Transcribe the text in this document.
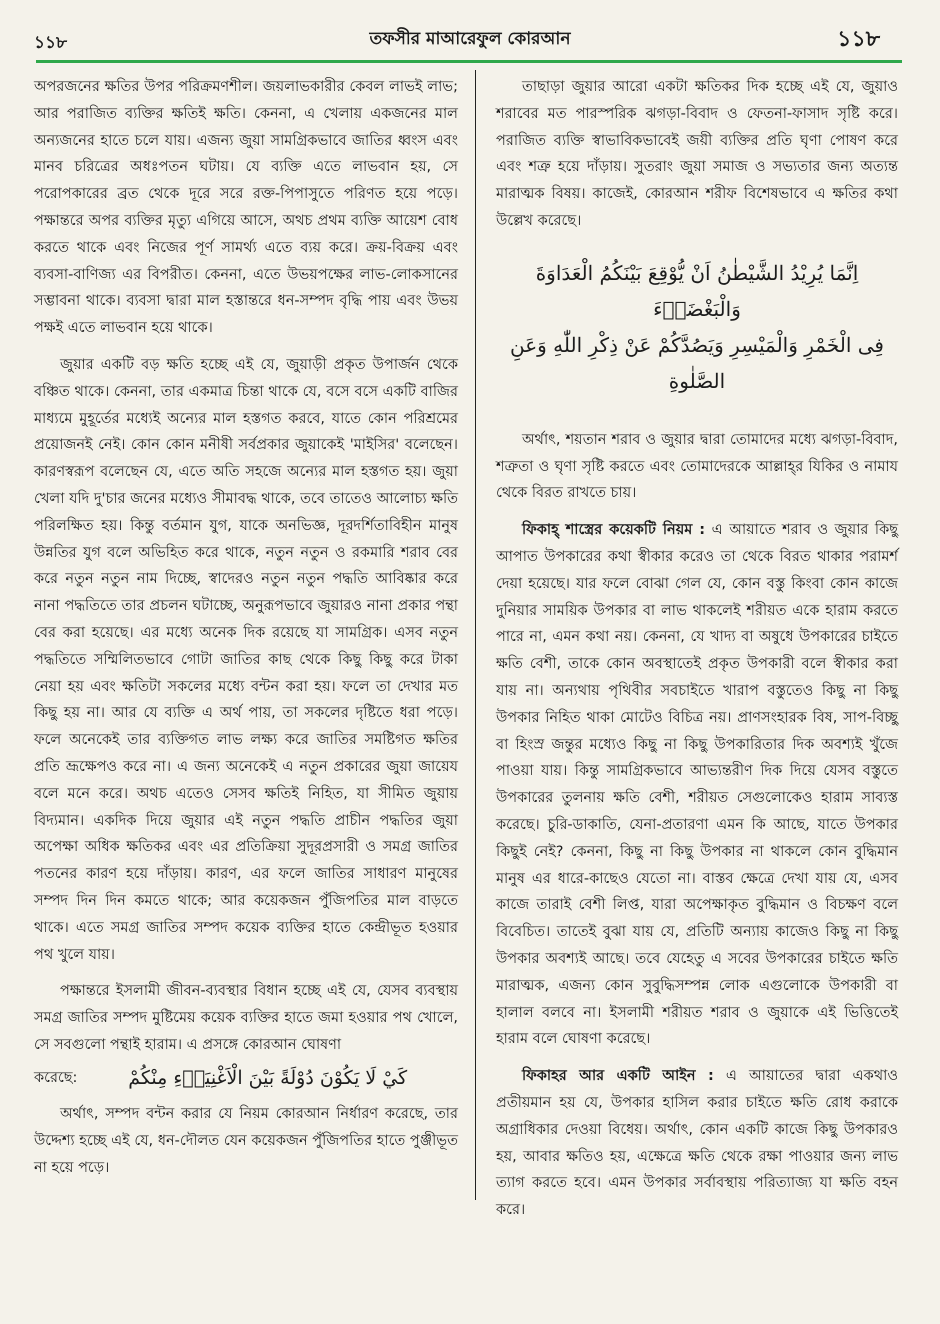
১১৮	তফসীর মাআরেফুল কোরআন	১১৮

অপরজনের ক্ষতির উপর পরিক্রমণশীল। জয়লাভকারীর কেবল লাভই লাভ; আর পরাজিত ব্যক্তির ক্ষতিই ক্ষতি। কেননা, এ খেলায় একজনের মাল অন্যজনের হাতে চলে যায়। এজন্য জুয়া সামগ্রিকভাবে জাতির ধ্বংস এবং মানব চরিত্রের অধঃপতন ঘটায়। যে ব্যক্তি এতে লাভবান হয়, সে পরোপকারের ব্রত থেকে দূরে সরে রক্ত-পিপাসুতে পরিণত হয়ে পড়ে। পক্ষান্তরে অপর ব্যক্তির মৃত্যু এগিয়ে আসে, অথচ প্রথম ব্যক্তি আয়েশ বোধ করতে থাকে এবং নিজের পূর্ণ সামর্থ্য এতে ব্যয় করে। ক্রয়-বিক্রয় এবং ব্যবসা-বাণিজ্য এর বিপরীত। কেননা, এতে উভয়পক্ষের লাভ-লোকসানের সম্ভাবনা থাকে। ব্যবসা দ্বারা মাল হস্তান্তরে ধন-সম্পদ বৃদ্ধি পায় এবং উভয় পক্ষই এতে লাভবান হয়ে থাকে।

জুয়ার একটি বড় ক্ষতি হচ্ছে এই যে, জুয়াড়ী প্রকৃত উপার্জন থেকে বঞ্চিত থাকে। কেননা, তার একমাত্র চিন্তা থাকে যে, বসে বসে একটি বাজির মাধ্যমে মুহূর্তের মধ্যেই অন্যের মাল হস্তগত করবে, যাতে কোন পরিশ্রমের প্রয়োজনই নেই। কোন কোন মনীষী সর্বপ্রকার জুয়াকেই 'মাইসির' বলেছেন। কারণস্বরূপ বলেছেন যে, এতে অতি সহজে অন্যের মাল হস্তগত হয়। জুয়া খেলা যদি দু'চার জনের মধ্যেও সীমাবদ্ধ থাকে, তবে তাতেও আলোচ্য ক্ষতি পরিলক্ষিত হয়। কিন্তু বর্তমান যুগ, যাকে অনভিজ্ঞ, দূরদর্শিতাবিহীন মানুষ উন্নতির যুগ বলে অভিহিত করে থাকে, নতুন নতুন ও রকমারি শরাব বের করে নতুন নতুন নাম দিচ্ছে, স্বাদেরও নতুন নতুন পদ্ধতি আবিষ্কার করে নানা পদ্ধতিতে তার প্রচলন ঘটাচ্ছে, অনুরূপভাবে জুয়ারও নানা প্রকার পন্থা বের করা হয়েছে। এর মধ্যে অনেক দিক রয়েছে যা সামগ্রিক। এসব নতুন পদ্ধতিতে সম্মিলিতভাবে গোটা জাতির কাছ থেকে কিছু কিছু করে টাকা নেয়া হয় এবং ক্ষতিটা সকলের মধ্যে বন্টন করা হয়। ফলে তা দেখার মত কিছু হয় না। আর যে ব্যক্তি এ অর্থ পায়, তা সকলের দৃষ্টিতে ধরা পড়ে। ফলে অনেকেই তার ব্যক্তিগত লাভ লক্ষ্য করে জাতির সমষ্টিগত ক্ষতির প্রতি ভ্রূক্ষেপও করে না। এ জন্য অনেকেই এ নতুন প্রকারের জুয়া জায়েয বলে মনে করে। অথচ এতেও সেসব ক্ষতিই নিহিত, যা সীমিত জুয়ায় বিদ্যমান। একদিক দিয়ে জুয়ার এই নতুন পদ্ধতি প্রাচীন পদ্ধতির জুয়া অপেক্ষা অধিক ক্ষতিকর এবং এর প্রতিক্রিয়া সুদূরপ্রসারী ও সমগ্র জাতির পতনের কারণ হয়ে দাঁড়ায়। কারণ, এর ফলে জাতির সাধারণ মানুষের সম্পদ দিন দিন কমতে থাকে; আর কয়েকজন পুঁজিপতির মাল বাড়তে থাকে। এতে সমগ্র জাতির সম্পদ কয়েক ব্যক্তির হাতে কেন্দ্রীভূত হওয়ার পথ খুলে যায়।

পক্ষান্তরে ইসলামী জীবন-ব্যবস্থার বিধান হচ্ছে এই যে, যেসব ব্যবস্থায় সমগ্র জাতির সম্পদ মুষ্টিমেয় কয়েক ব্যক্তির হাতে জমা হওয়ার পথ খোলে, সে সবগুলো পন্থাই হারাম। এ প্রসঙ্গে কোরআন ঘোষণা

করেছে:	كَيْ لَا يَكُوْنَ دُوْلَةً بَيْنَ الْاَغْنِيَاۤءِ مِنْكُمْ

অর্থাৎ, সম্পদ বন্টন করার যে নিয়ম কোরআন নির্ধারণ করেছে, তার উদ্দেশ্য হচ্ছে এই যে, ধন-দৌলত যেন কয়েকজন পুঁজিপতির হাতে পুঞ্জীভূত না হয়ে পড়ে।

তাছাড়া জুয়ার আরো একটা ক্ষতিকর দিক হচ্ছে এই যে, জুয়াও শরাবের মত পারস্পরিক ঝগড়া-বিবাদ ও ফেতনা-ফাসাদ সৃষ্টি করে। পরাজিত ব্যক্তি স্বাভাবিকভাবেই জয়ী ব্যক্তির প্রতি ঘৃণা পোষণ করে এবং শত্রু হয়ে দাঁড়ায়। সুতরাং জুয়া সমাজ ও সভ্যতার জন্য অত্যন্ত মারাত্মক বিষয়। কাজেই, কোরআন শরীফ বিশেষভাবে এ ক্ষতির কথা উল্লেখ করেছে।

اِنَّمَا يُرِيْدُ الشَّيْطٰنُ اَنْ يُّوْقِعَ بَيْنَكُمُ الْعَدَاوَةَ وَالْبَغْضَاۤءَ
فِى الْخَمْرِ وَالْمَيْسِرِ وَيَصُدَّكُمْ عَنْ ذِكْرِ اللّٰهِ وَعَنِ الصَّلٰوةِ

অর্থাৎ, শয়তান শরাব ও জুয়ার দ্বারা তোমাদের মধ্যে ঝগড়া-বিবাদ, শত্রুতা ও ঘৃণা সৃষ্টি করতে এবং তোমাদেরকে আল্লাহ্‌র যিকির ও নামায থেকে বিরত রাখতে চায়।

ফিকাহ্‌ শাস্ত্রের কয়েকটি নিয়ম : এ আয়াতে শরাব ও জুয়ার কিছু আপাত উপকারের কথা স্বীকার করেও তা থেকে বিরত থাকার পরামর্শ দেয়া হয়েছে। যার ফলে বোঝা গেল যে, কোন বস্তু কিংবা কোন কাজে দুনিয়ার সাময়িক উপকার বা লাভ থাকলেই শরীয়ত একে হারাম করতে পারে না, এমন কথা নয়। কেননা, যে খাদ্য বা অষুধে উপকারের চাইতে ক্ষতি বেশী, তাকে কোন অবস্থাতেই প্রকৃত উপকারী বলে স্বীকার করা যায় না। অন্যথায় পৃথিবীর সবচাইতে খারাপ বস্তুতেও কিছু না কিছু উপকার নিহিত থাকা মোটেও বিচিত্র নয়। প্রাণসংহারক বিষ, সাপ-বিচ্ছু বা হিংস্র জন্তুর মধ্যেও কিছু না কিছু উপকারিতার দিক অবশ্যই খুঁজে পাওয়া যায়। কিন্তু সামগ্রিকভাবে আভ্যন্তরীণ দিক দিয়ে যেসব বস্তুতে উপকারের তুলনায় ক্ষতি বেশী, শরীয়ত সেগুলোকেও হারাম সাব্যস্ত করেছে। চুরি-ডাকাতি, যেনা-প্রতারণা এমন কি আছে, যাতে উপকার কিছুই নেই? কেননা, কিছু না কিছু উপকার না থাকলে কোন বুদ্ধিমান মানুষ এর ধারে-কাছেও যেতো না। বাস্তব ক্ষেত্রে দেখা যায় যে, এসব কাজে তারাই বেশী লিপ্ত, যারা অপেক্ষাকৃত বুদ্ধিমান ও বিচক্ষণ বলে বিবেচিত। তাতেই বুঝা যায় যে, প্রতিটি অন্যায় কাজেও কিছু না কিছু উপকার অবশ্যই আছে। তবে যেহেতু এ সবের উপকারের চাইতে ক্ষতি মারাত্মক, এজন্য কোন সুবুদ্ধিসম্পন্ন লোক এগুলোকে উপকারী বা হালাল বলবে না। ইসলামী শরীয়ত শরাব ও জুয়াকে এই ভিত্তিতেই হারাম বলে ঘোষণা করেছে।

ফিকাহর আর একটি আইন : এ আয়াতের দ্বারা একথাও প্রতীয়মান হয় যে, উপকার হাসিল করার চাইতে ক্ষতি রোধ করাকে অগ্রাধিকার দেওয়া বিধেয়। অর্থাৎ, কোন একটি কাজে কিছু উপকারও হয়, আবার ক্ষতিও হয়, এক্ষেত্রে ক্ষতি থেকে রক্ষা পাওয়ার জন্য লাভ ত্যাগ করতে হবে। এমন উপকার সর্বাবস্থায় পরিত্যাজ্য যা ক্ষতি বহন করে।
